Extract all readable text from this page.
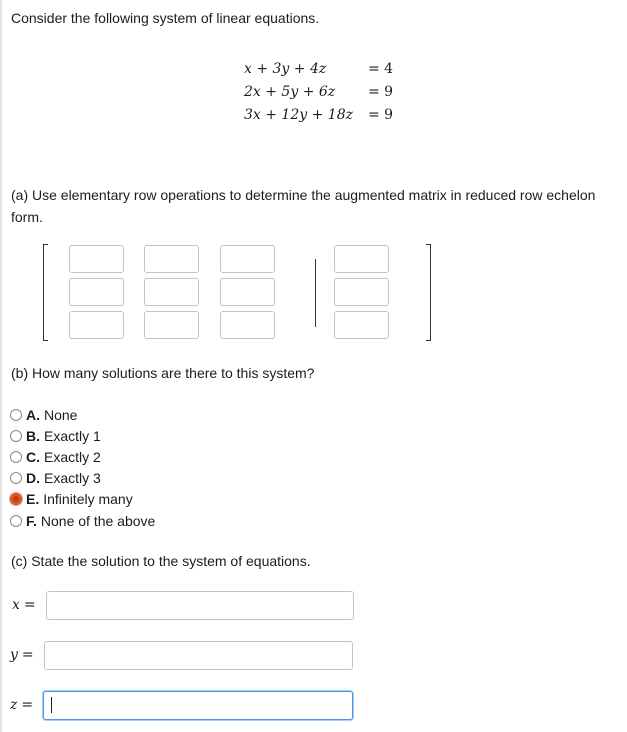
Consider the following system of linear equations.
x + 3y + 4z	= 4
2x + 5y + 6z = 9
3x + 12y + 18z = 9
(a) Use elementary row operations to determine the augmented matrix in reduced row echelon form.
(b) How many solutions are there to this system?
A. None
B. Exactly 1
C. Exactly 2
D. Exactly 3
E. Infinitely many
F. None of the above
(c) State the solution to the system of equations.
x =
y =
z =
